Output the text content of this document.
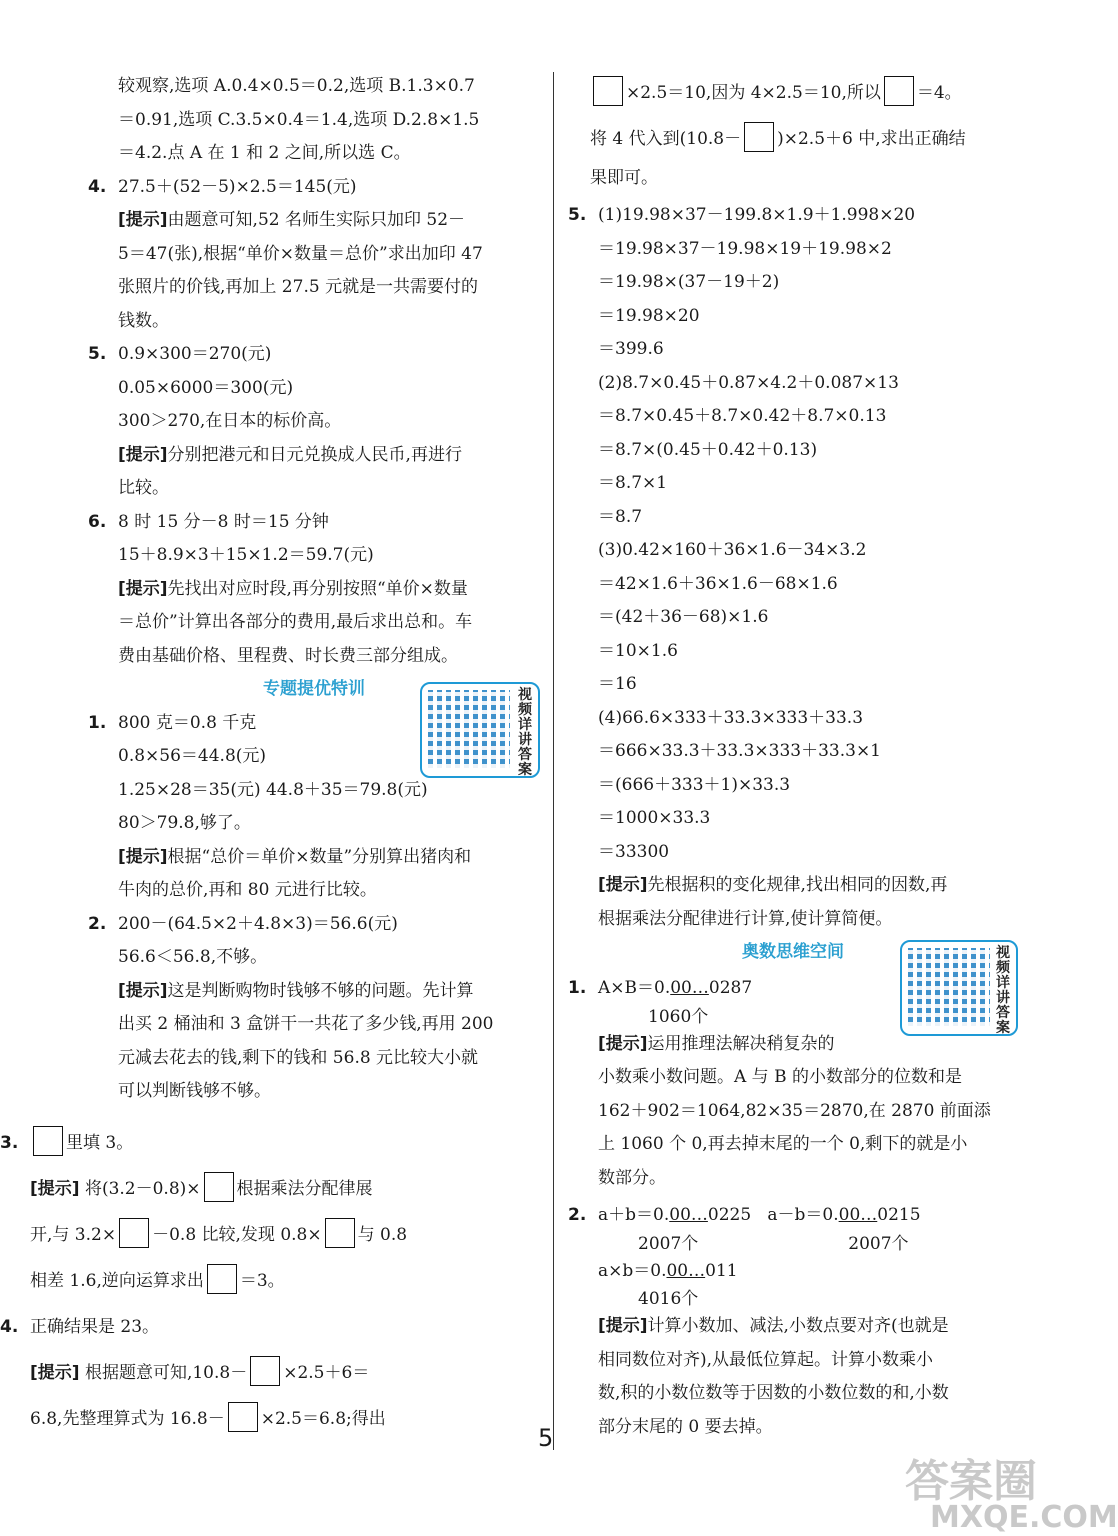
较观察,选项 A.0.4×0.5＝0.2,选项 B.1.3×0.7
＝0.91,选项 C.3.5×0.4＝1.4,选项 D.2.8×1.5
＝4.2.点 A 在 1 和 2 之间,所以选 C。
4. 27.5＋(52－5)×2.5＝145(元)
[提示]由题意可知,52 名师生实际只加印 52－
5＝47(张),根据“单价×数量＝总价”求出加印 47
张照片的价钱,再加上 27.5 元就是一共需要付的
钱数。
5. 0.9×300＝270(元)
0.05×6000＝300(元)
300＞270,在日本的标价高。
[提示]分别把港元和日元兑换成人民币,再进行
比较。
6. 8 时 15 分－8 时＝15 分钟
15＋8.9×3＋15×1.2＝59.7(元)
[提示]先找出对应时段,再分别按照“单价×数量
＝总价”计算出各部分的费用,最后求出总和。车
费由基础价格、里程费、时长费三部分组成。
专题提优特训
1. 800 克＝0.8 千克
0.8×56＝44.8(元)
1.25×28＝35(元) 44.8＋35＝79.8(元)
80＞79.8,够了。
[提示]根据“总价＝单价×数量”分别算出猪肉和
牛肉的总价,再和 80 元进行比较。
2. 200－(64.5×2＋4.8×3)＝56.6(元)
56.6＜56.8,不够。
[提示]这是判断购物时钱够不够的问题。先计算
出买 2 桶油和 3 盒饼干一共花了多少钱,再用 200
元减去花去的钱,剩下的钱和 56.8 元比较大小就
可以判断钱够不够。
3.	里填 3。
[提示] 将(3.2－0.8)× 根据乘法分配律展
开,与 3.2× －0.8 比较,发现 0.8× 与 0.8
相差 1.6,逆向运算求出 ＝3。
4. 正确结果是 23。
[提示] 根据题意可知,10.8－ ×2.5＋6＝
6.8,先整理算式为 16.8－ ×2.5＝6.8;得出
视频详讲答案
×2.5＝10,因为 4×2.5＝10,所以 ＝4。
将 4 代入到(10.8－ )×2.5＋6 中,求出正确结
果即可。
5. (1)19.98×37－199.8×1.9＋1.998×20
＝19.98×37－19.98×19＋19.98×2
＝19.98×(37－19＋2)
＝19.98×20
＝399.6
(2)8.7×0.45＋0.87×4.2＋0.087×13
＝8.7×0.45＋8.7×0.42＋8.7×0.13
＝8.7×(0.45＋0.42＋0.13)
＝8.7×1
＝8.7
(3)0.42×160＋36×1.6－34×3.2
＝42×1.6＋36×1.6－68×1.6
＝(42＋36－68)×1.6
＝10×1.6
＝16
(4)66.6×333＋33.3×333＋33.3
＝666×33.3＋33.3×333＋33.3×1
＝(666＋333＋1)×33.3
＝1000×33.3
＝33300
[提示]先根据积的变化规律,找出相同的因数,再
根据乘法分配律进行计算,使计算简便。
奥数思维空间	视频详讲答案
1. A×B＝0.00…0287
1060个
[提示]运用推理法解决稍复杂的
小数乘小数问题。A 与 B 的小数部分的位数和是
162＋902＝1064,82×35＝2870,在 2870 前面添
上 1060 个 0,再去掉末尾的一个 0,剩下的就是小
数部分。
2. a＋b＝0.00…0225 a－b＝0.00…0215
2007个	2007个
a×b＝0.00…011
4016个
[提示]计算小数加、减法,小数点要对齐(也就是
相同数位对齐),从最低位算起。计算小数乘小
数,积的小数位数等于因数的小数位数的和,小数
部分末尾的 0 要去掉。
5
答案圈
MXQE.COM
